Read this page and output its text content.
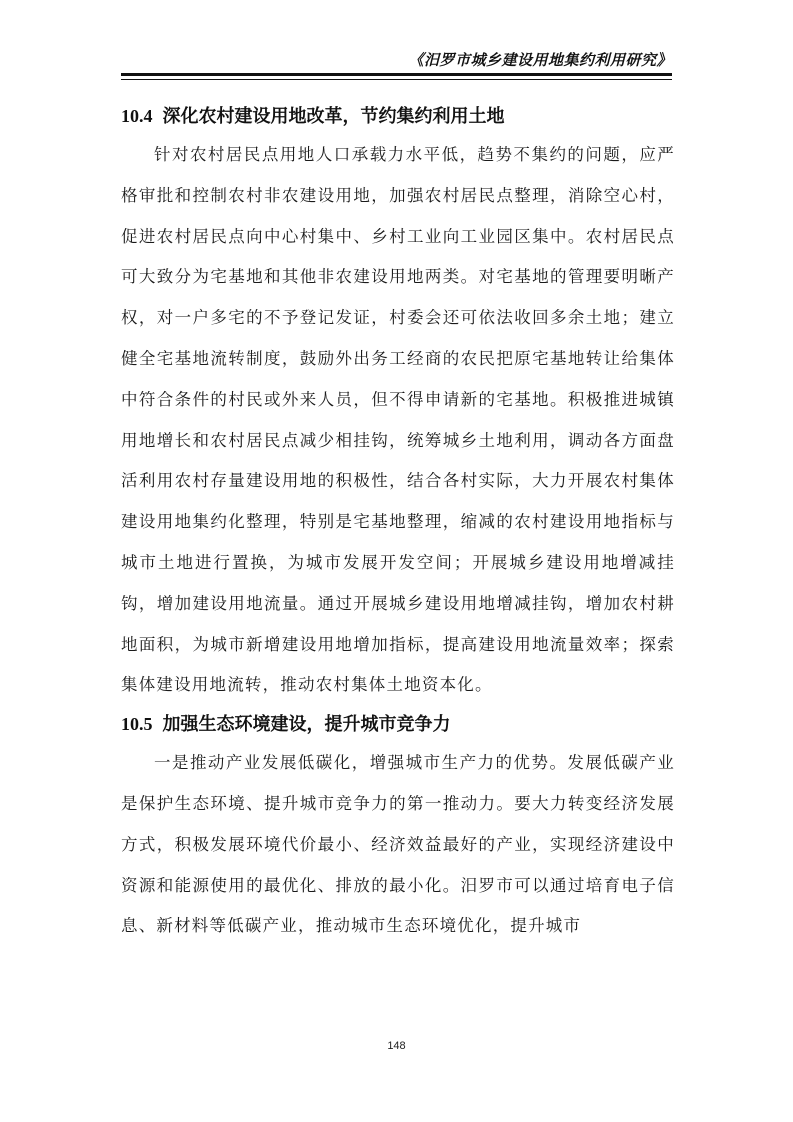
《汨罗市城乡建设用地集约利用研究》
10.4 深化农村建设用地改革，节约集约利用土地

针对农村居民点用地人口承载力水平低，趋势不集约的问题，应严格审批和控制农村非农建设用地，加强农村居民点整理，消除空心村，促进农村居民点向中心村集中、乡村工业向工业园区集中。农村居民点可大致分为宅基地和其他非农建设用地两类。对宅基地的管理要明晰产权，对一户多宅的不予登记发证，村委会还可依法收回多余土地；建立健全宅基地流转制度，鼓励外出务工经商的农民把原宅基地转让给集体中符合条件的村民或外来人员，但不得申请新的宅基地。积极推进城镇用地增长和农村居民点减少相挂钩，统筹城乡土地利用，调动各方面盘活利用农村存量建设用地的积极性，结合各村实际，大力开展农村集体建设用地集约化整理，特别是宅基地整理，缩减的农村建设用地指标与城市土地进行置换，为城市发展开发空间；开展城乡建设用地增减挂钩，增加建设用地流量。通过开展城乡建设用地增减挂钩，增加农村耕地面积，为城市新增建设用地增加指标，提高建设用地流量效率；探索集体建设用地流转，推动农村集体土地资本化。

10.5 加强生态环境建设，提升城市竞争力

一是推动产业发展低碳化，增强城市生产力的优势。发展低碳产业是保护生态环境、提升城市竞争力的第一推动力。要大力转变经济发展方式，积极发展环境代价最小、经济效益最好的产业，实现经济建设中资源和能源使用的最优化、排放的最小化。汨罗市可以通过培育电子信息、新材料等低碳产业，推动城市生态环境优化，提升城市

148
